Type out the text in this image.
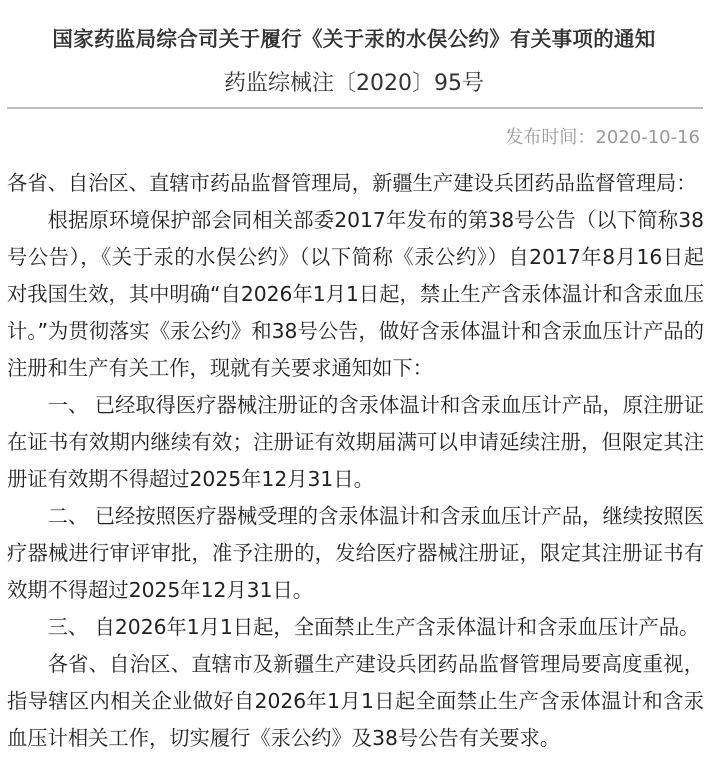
国家药监局综合司关于履行《关于汞的水俣公约》有关事项的通知
药监综械注〔2020〕95号
发布时间：2020-10-16

各省、自治区、直辖市药品监督管理局，新疆生产建设兵团药品监督管理局：

根据原环境保护部会同相关部委2017年发布的第38号公告（以下简称38号公告），《关于汞的水俣公约》（以下简称《汞公约》）自2017年8月16日起对我国生效，其中明确“自2026年1月1日起，禁止生产含汞体温计和含汞血压计。”为贯彻落实《汞公约》和38号公告，做好含汞体温计和含汞血压计产品的注册和生产有关工作，现就有关要求通知如下：

一、 已经取得医疗器械注册证的含汞体温计和含汞血压计产品，原注册证在证书有效期内继续有效；注册证有效期届满可以申请延续注册，但限定其注册证有效期不得超过2025年12月31日。

二、 已经按照医疗器械受理的含汞体温计和含汞血压计产品，继续按照医疗器械进行审评审批，准予注册的，发给医疗器械注册证，限定其注册证书有效期不得超过2025年12月31日。

三、 自2026年1月1日起，全面禁止生产含汞体温计和含汞血压计产品。

各省、自治区、直辖市及新疆生产建设兵团药品监督管理局要高度重视，指导辖区内相关企业做好自2026年1月1日起全面禁止生产含汞体温计和含汞血压计相关工作，切实履行《汞公约》及38号公告有关要求。
